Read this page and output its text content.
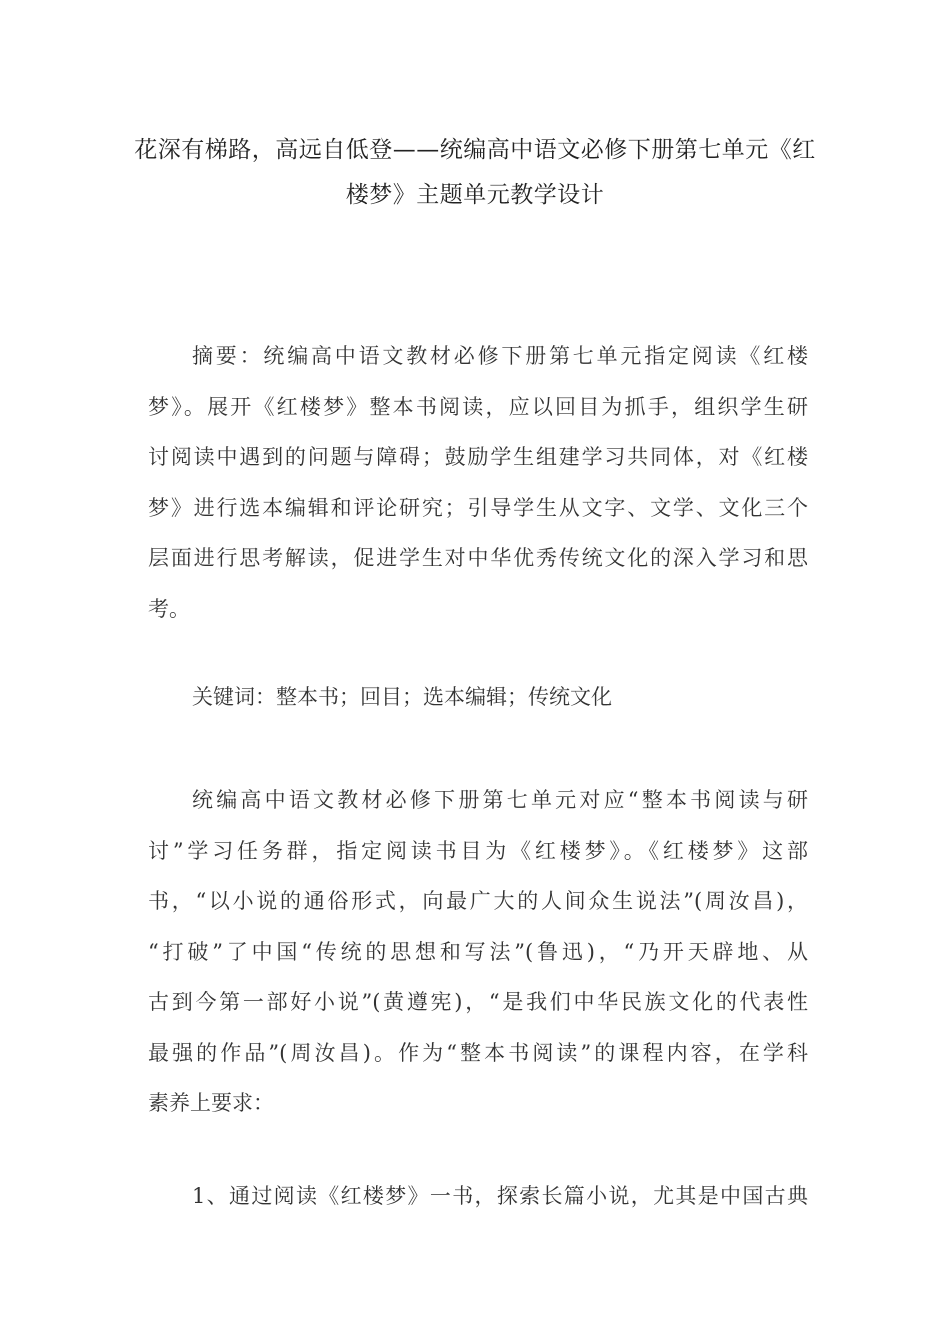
花深有梯路，高远自低登——统编高中语文必修下册第七单元《红
楼梦》主题单元教学设计
摘要：统编高中语文教材必修下册第七单元指定阅读《红楼
梦》。展开《红楼梦》整本书阅读，应以回目为抓手，组织学生研
讨阅读中遇到的问题与障碍；鼓励学生组建学习共同体，对《红楼
梦》进行选本编辑和评论研究；引导学生从文字、文学、文化三个
层面进行思考解读，促进学生对中华优秀传统文化的深入学习和思
考。
关键词：整本书；回目；选本编辑；传统文化
统编高中语文教材必修下册第七单元对应“整本书阅读与研
讨”学习任务群，指定阅读书目为《红楼梦》。《红楼梦》这部
书，“以小说的通俗形式，向最广大的人间众生说法”(周汝昌)，
“打破”了中国“传统的思想和写法”(鲁迅)，“乃开天辟地、从
古到今第一部好小说”(黄遵宪)，“是我们中华民族文化的代表性
最强的作品”(周汝昌)。作为“整本书阅读”的课程内容，在学科
素养上要求：
1、通过阅读《红楼梦》一书，探索长篇小说，尤其是中国古典
